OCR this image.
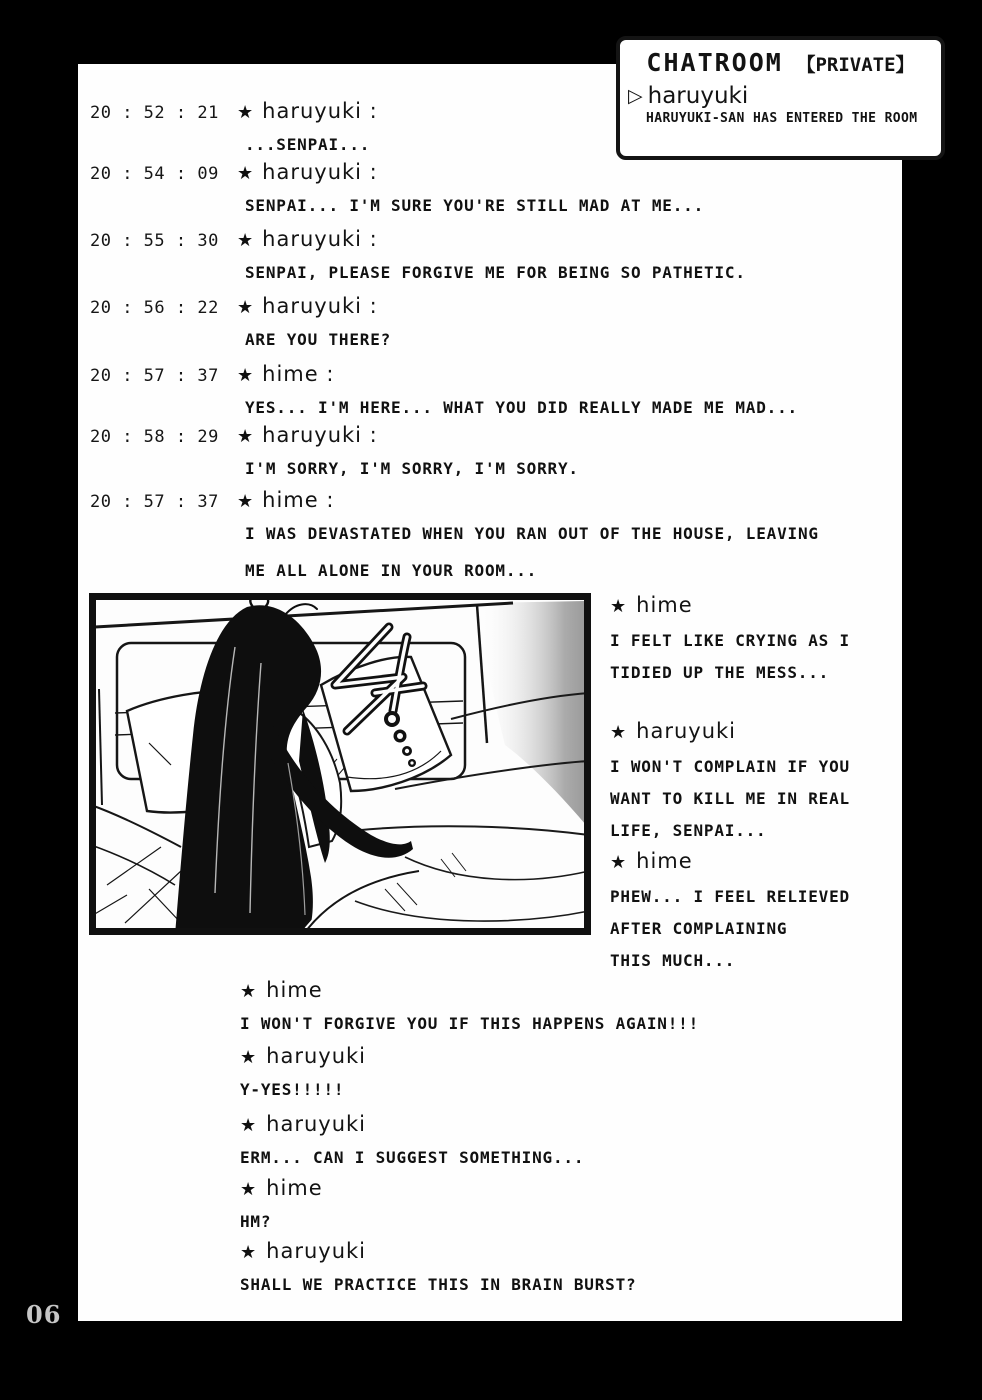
CHATROOM 【PRIVATE】
▷ haruyuki
HARUYUKI-SAN HAS ENTERED THE ROOM
20 : 52 : 21	★ haruyuki :
...SENPAI...
20 : 54 : 09	★ haruyuki :
SENPAI... I'M SURE YOU'RE STILL MAD AT ME...
20 : 55 : 30	★ haruyuki :
SENPAI, PLEASE FORGIVE ME FOR BEING SO PATHETIC.
20 : 56 : 22	★ haruyuki :
ARE YOU THERE?
20 : 57 : 37	★ hime :
YES... I'M HERE... WHAT YOU DID REALLY MADE ME MAD...
20 : 58 : 29	★ haruyuki :
I'M SORRY, I'M SORRY, I'M SORRY.
20 : 57 : 37	★ hime :
I WAS DEVASTATED WHEN YOU RAN OUT OF THE HOUSE, LEAVING
ME ALL ALONE IN YOUR ROOM...
★ hime
I FELT LIKE CRYING AS I
TIDIED UP THE MESS...
★ haruyuki
I WON'T COMPLAIN IF YOU
WANT TO KILL ME IN REAL
LIFE, SENPAI...
★ hime
PHEW... I FEEL RELIEVED
AFTER COMPLAINING
THIS MUCH...
★ hime
I WON'T FORGIVE YOU IF THIS HAPPENS AGAIN!!!
★ haruyuki
Y-YES!!!!!
★ haruyuki
ERM... CAN I SUGGEST SOMETHING...
★ hime
HM?
★ haruyuki
SHALL WE PRACTICE THIS IN BRAIN BURST?
06
